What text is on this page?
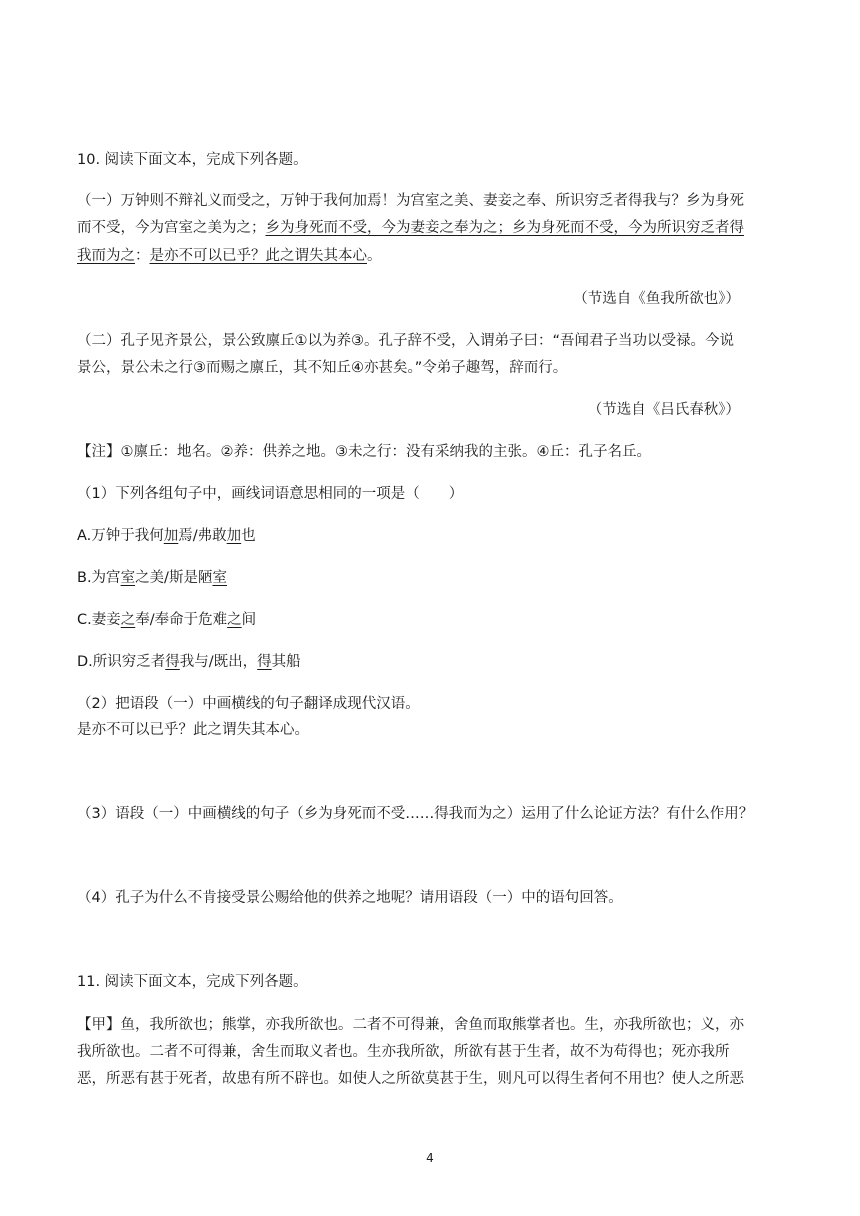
10. 阅读下面文本，完成下列各题。
（一）万钟则不辩礼义而受之，万钟于我何加焉！为宫室之美、妻妾之奉、所识穷乏者得我与？乡为身死
而不受，今为宫室之美为之；乡为身死而不受，今为妻妾之奉为之；乡为身死而不受，今为所识穷乏者得
我而为之：是亦不可以已乎？此之谓失其本心。
（节选自《鱼我所欲也》）
（二）孔子见齐景公，景公致廪丘①以为养③。孔子辞不受，入谓弟子曰：“吾闻君子当功以受禄。今说
景公，景公未之行③而赐之廪丘，其不知丘④亦甚矣。”令弟子趣驾，辞而行。
（节选自《吕氏春秋》）
【注】①廪丘：地名。②养：供养之地。③未之行：没有采纳我的主张。④丘：孔子名丘。
（1）下列各组句子中，画线词语意思相同的一项是（　　）
A.万钟于我何加焉/弗敢加也
B.为宫室之美/斯是陋室
C.妻妾之奉/奉命于危难之间
D.所识穷乏者得我与/既出，得其船
（2）把语段（一）中画横线的句子翻译成现代汉语。
是亦不可以已乎？此之谓失其本心。
（3）语段（一）中画横线的句子（乡为身死而不受……得我而为之）运用了什么论证方法？有什么作用？
（4）孔子为什么不肯接受景公赐给他的供养之地呢？请用语段（一）中的语句回答。
11. 阅读下面文本，完成下列各题。
【甲】鱼，我所欲也；熊掌，亦我所欲也。二者不可得兼，舍鱼而取熊掌者也。生，亦我所欲也；义，亦
我所欲也。二者不可得兼，舍生而取义者也。生亦我所欲，所欲有甚于生者，故不为苟得也；死亦我所
恶，所恶有甚于死者，故患有所不辟也。如使人之所欲莫甚于生，则凡可以得生者何不用也？使人之所恶
4
